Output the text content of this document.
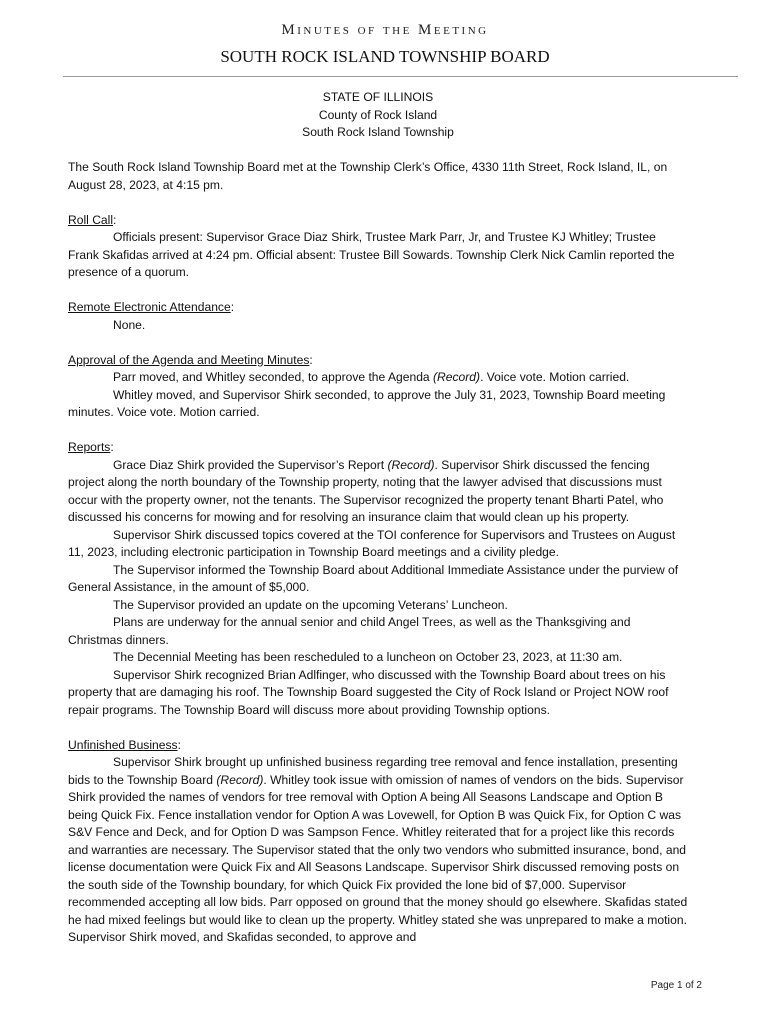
Minutes of the Meeting
SOUTH ROCK ISLAND TOWNSHIP BOARD

STATE OF ILLINOIS

County of Rock Island

South Rock Island Township

The South Rock Island Township Board met at the Township Clerk’s Office, 4330 11th Street, Rock Island, IL, on August 28, 2023, at 4:15 pm.

Roll Call:

Officials present: Supervisor Grace Diaz Shirk, Trustee Mark Parr, Jr, and Trustee KJ Whitley; Trustee Frank Skafidas arrived at 4:24 pm. Official absent: Trustee Bill Sowards. Township Clerk Nick Camlin reported the presence of a quorum.

Remote Electronic Attendance:

None.

Approval of the Agenda and Meeting Minutes:

Parr moved, and Whitley seconded, to approve the Agenda (Record). Voice vote. Motion carried.

Whitley moved, and Supervisor Shirk seconded, to approve the July 31, 2023, Township Board meeting minutes. Voice vote. Motion carried.

Reports:

Grace Diaz Shirk provided the Supervisor’s Report (Record). Supervisor Shirk discussed the fencing project along the north boundary of the Township property, noting that the lawyer advised that discussions must occur with the property owner, not the tenants. The Supervisor recognized the property tenant Bharti Patel, who discussed his concerns for mowing and for resolving an insurance claim that would clean up his property.

Supervisor Shirk discussed topics covered at the TOI conference for Supervisors and Trustees on August 11, 2023, including electronic participation in Township Board meetings and a civility pledge.

The Supervisor informed the Township Board about Additional Immediate Assistance under the purview of General Assistance, in the amount of $5,000.

The Supervisor provided an update on the upcoming Veterans’ Luncheon.

Plans are underway for the annual senior and child Angel Trees, as well as the Thanksgiving and Christmas dinners.

The Decennial Meeting has been rescheduled to a luncheon on October 23, 2023, at 11:30 am.

Supervisor Shirk recognized Brian Adlfinger, who discussed with the Township Board about trees on his property that are damaging his roof. The Township Board suggested the City of Rock Island or Project NOW roof repair programs. The Township Board will discuss more about providing Township options.

Unfinished Business:

Supervisor Shirk brought up unfinished business regarding tree removal and fence installation, presenting bids to the Township Board (Record). Whitley took issue with omission of names of vendors on the bids. Supervisor Shirk provided the names of vendors for tree removal with Option A being All Seasons Landscape and Option B being Quick Fix. Fence installation vendor for Option A was Lovewell, for Option B was Quick Fix, for Option C was S&V Fence and Deck, and for Option D was Sampson Fence. Whitley reiterated that for a project like this records and warranties are necessary. The Supervisor stated that the only two vendors who submitted insurance, bond, and license documentation were Quick Fix and All Seasons Landscape. Supervisor Shirk discussed removing posts on the south side of the Township boundary, for which Quick Fix provided the lone bid of $7,000. Supervisor recommended accepting all low bids. Parr opposed on ground that the money should go elsewhere. Skafidas stated he had mixed feelings but would like to clean up the property. Whitley stated she was unprepared to make a motion. Supervisor Shirk moved, and Skafidas seconded, to approve and

Page 1 of 2
